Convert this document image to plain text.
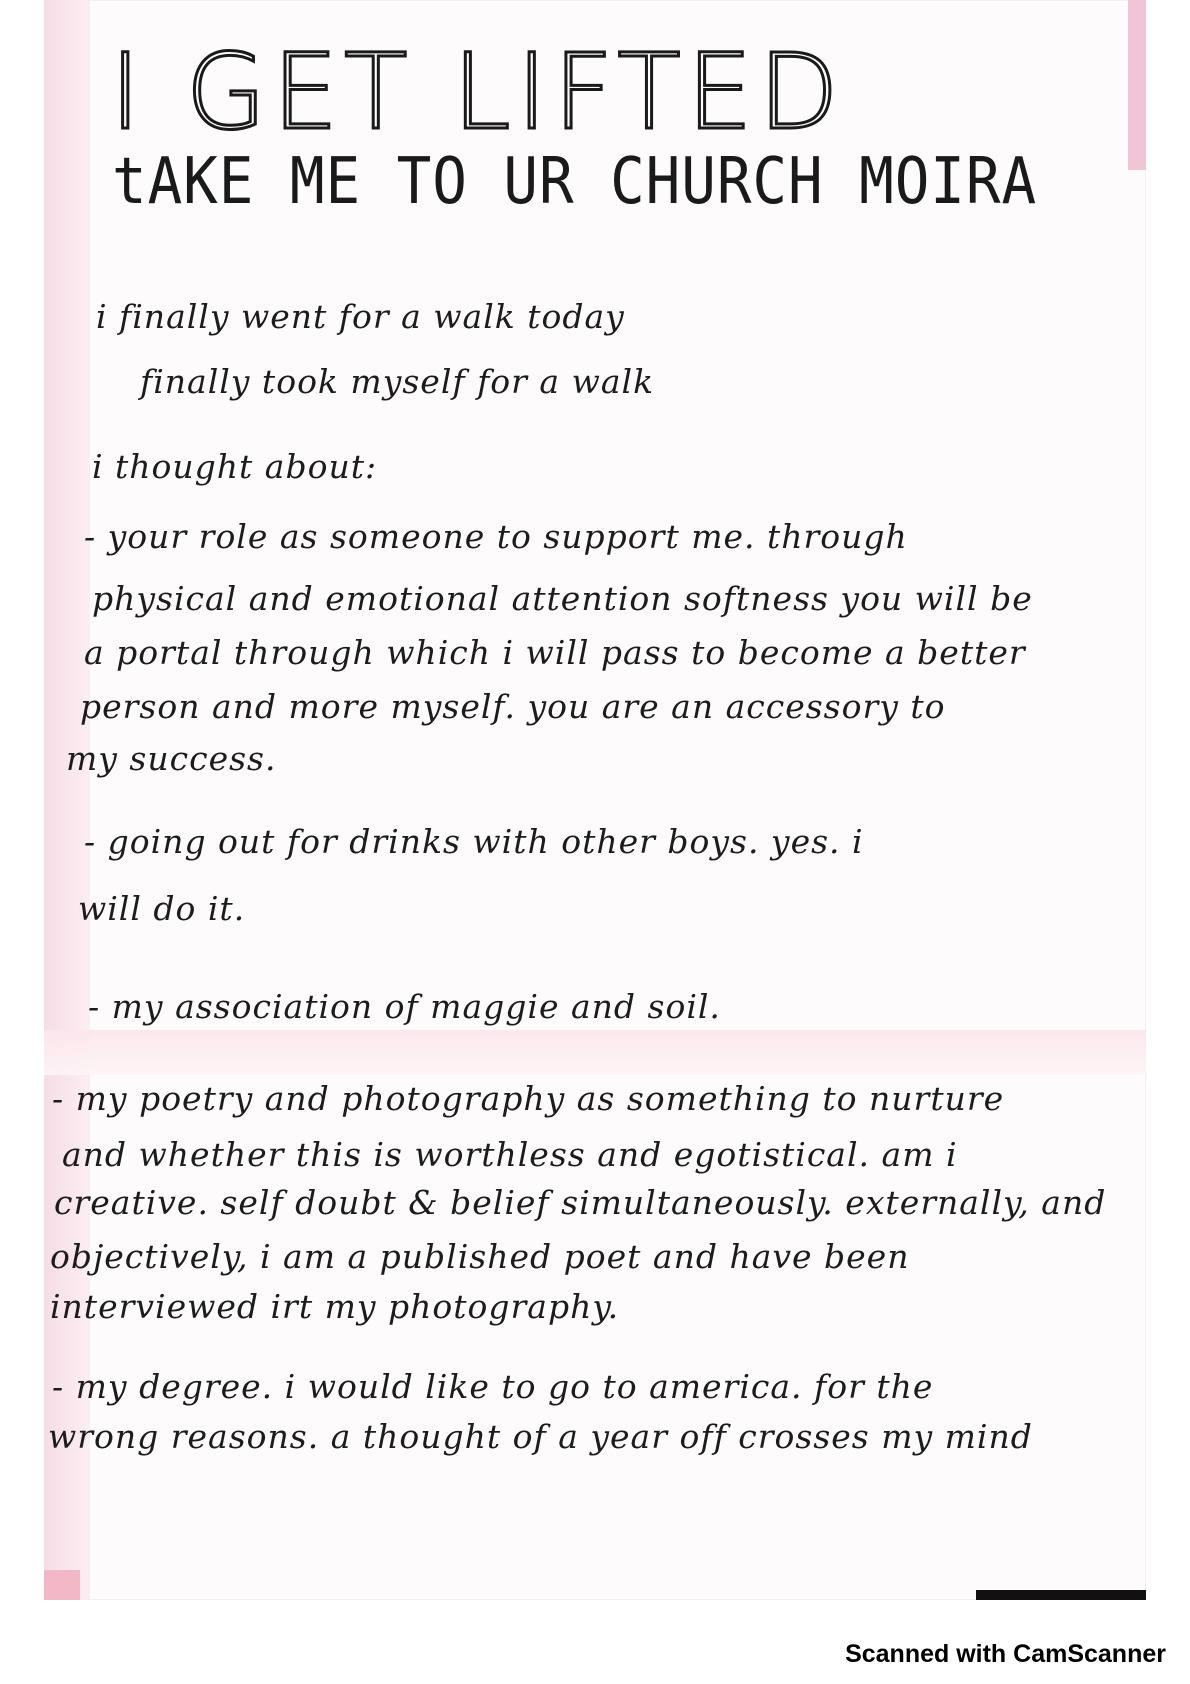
I GET LIFTED
tAKE ME TO UR CHURCH MOIRA

i finally went for a walk today

finally took myself for a walk

i thought about:

- your role as someone to support me. through

physical and emotional attention softness you will be

a portal through which i will pass to become a better

person and more myself. you are an accessory to

my success.

- going out for drinks with other boys. yes. i

will do it.

- my association of maggie and soil.

- my poetry and photography as something to nurture

and whether this is worthless and egotistical. am i

creative. self doubt & belief simultaneously. externally, and

objectively, i am a published poet and have been

interviewed irt my photography.

- my degree. i would like to go to america. for the

wrong reasons. a thought of a year off crosses my mind

Scanned with CamScanner
